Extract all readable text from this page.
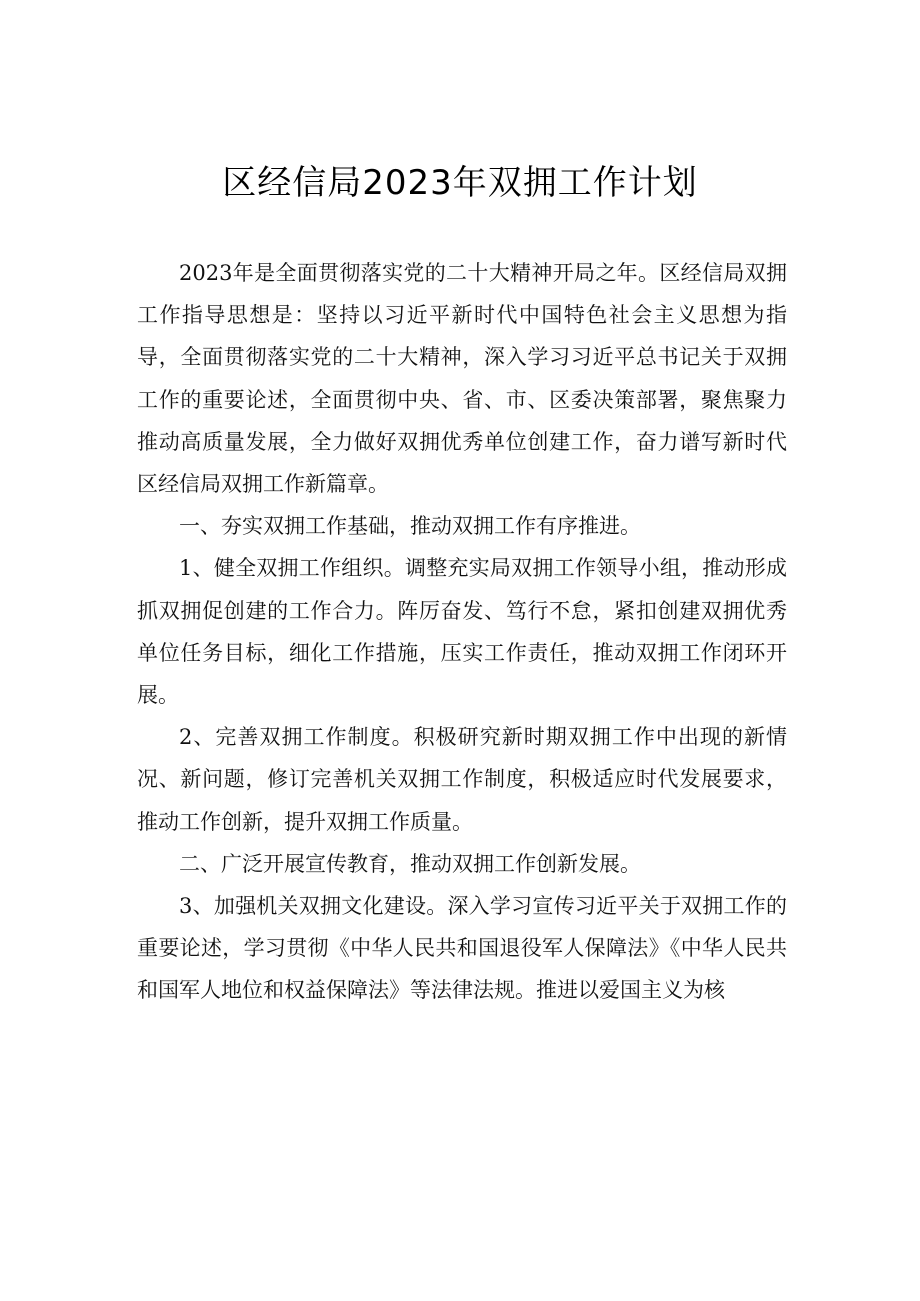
区经信局2023年双拥工作计划

2023年是全面贯彻落实党的二十大精神开局之年。区经信局双拥工作指导思想是：坚持以习近平新时代中国特色社会主义思想为指导，全面贯彻落实党的二十大精神，深入学习习近平总书记关于双拥工作的重要论述，全面贯彻中央、省、市、区委决策部署，聚焦聚力推动高质量发展，全力做好双拥优秀单位创建工作，奋力谱写新时代区经信局双拥工作新篇章。

一、夯实双拥工作基础，推动双拥工作有序推进。

1、健全双拥工作组织。调整充实局双拥工作领导小组，推动形成抓双拥促创建的工作合力。阵厉奋发、笃行不怠，紧扣创建双拥优秀单位任务目标，细化工作措施，压实工作责任，推动双拥工作闭环开展。

2、完善双拥工作制度。积极研究新时期双拥工作中出现的新情况、新问题，修订完善机关双拥工作制度，积极适应时代发展要求，推动工作创新，提升双拥工作质量。

二、广泛开展宣传教育，推动双拥工作创新发展。

3、加强机关双拥文化建设。深入学习宣传习近平关于双拥工作的重要论述，学习贯彻《中华人民共和国退役军人保障法》《中华人民共和国军人地位和权益保障法》等法律法规。推进以爱国主义为核
